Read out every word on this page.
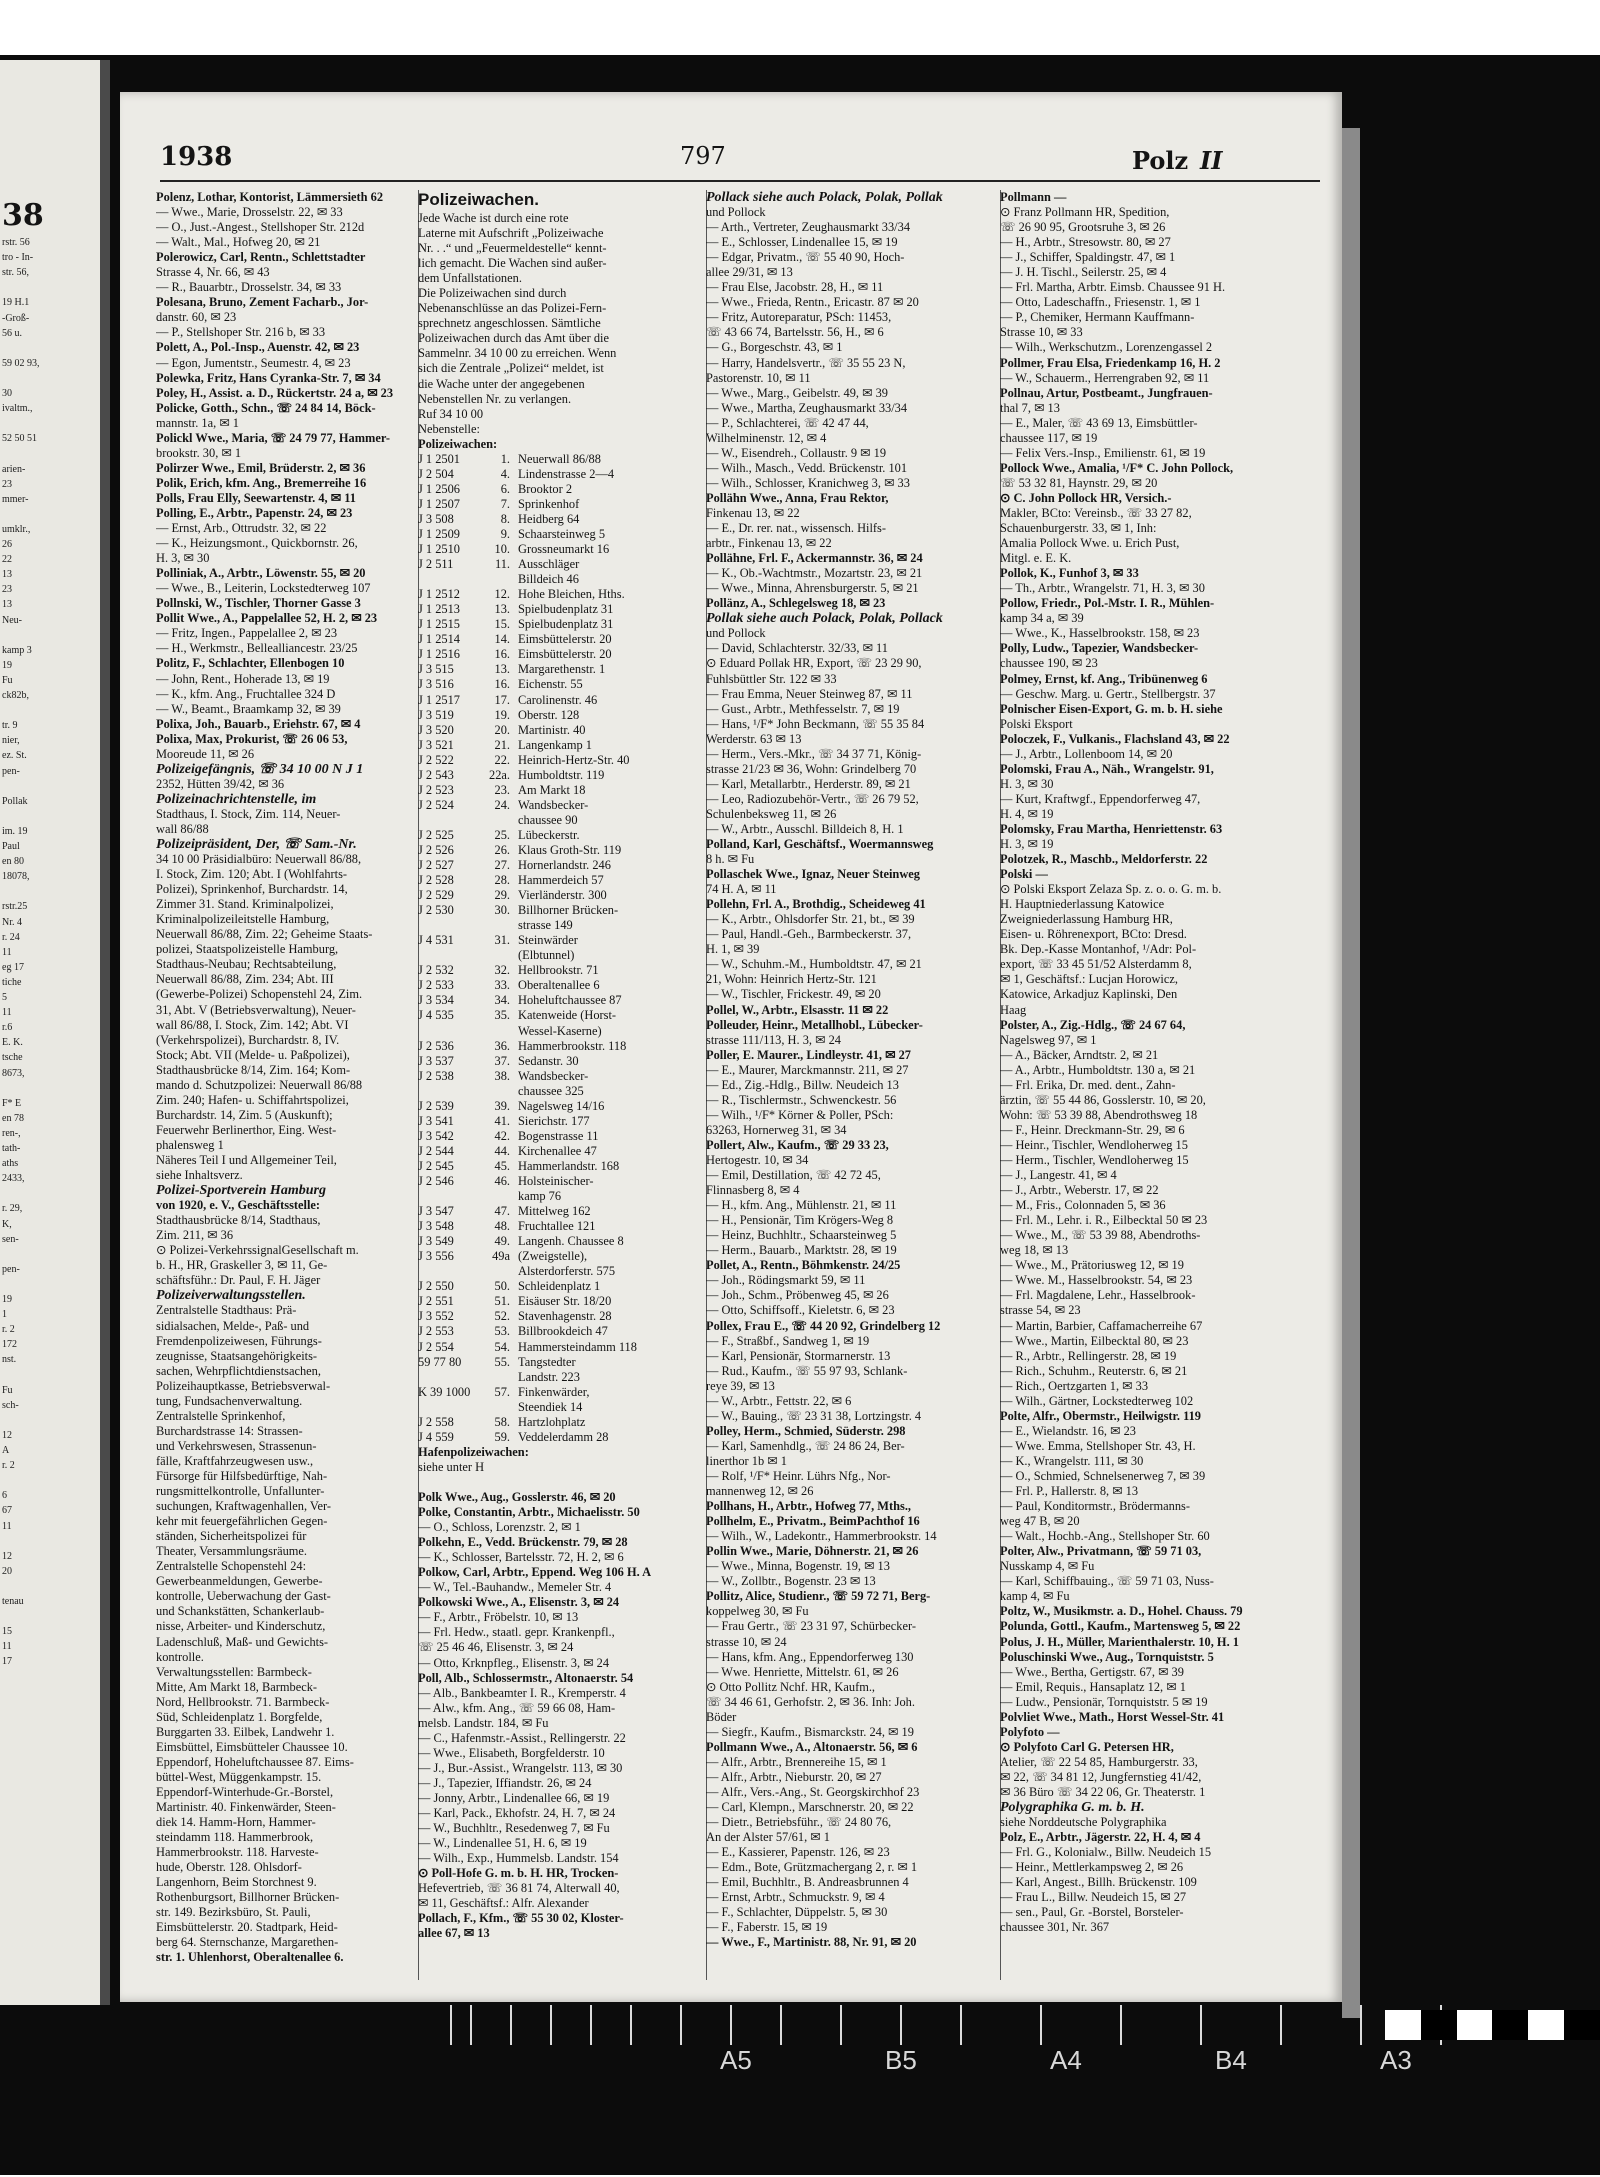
38
rstr. 56
tro - In-
str. 56,
19 H.1
-Groß-
56 u.
59 02 93,
30
ivaltm.,
52 50 51
arien-
23
mmer-
umklr.,
26
22
13
23
13
Neu-
kamp 3
19
Fu
ck82b,
tr. 9
nier,
ez. St.
pen-
Pollak
im. 19
Paul
en 80
18078,
rstr.25
Nr. 4
r. 24
11
eg 17
tiche
5
11
r.6
E. K.
tsche
8673,
F* E
en 78
ren-,
tath-
aths
2433,
r. 29,
K,
sen-
pen-
19
1
r. 2
172
nst.
Fu
sch-
12
A
r. 2
6
67
11
12
20
tenau
15
11
17
1938	797	Polz II
Polenz, Lothar, Kontorist, Lämmersieth 62
— Wwe., Marie, Drosselstr. 22, ✉ 33
— O., Just.-Angest., Stellshoper Str. 212d
— Walt., Mal., Hofweg 20, ✉ 21
Polerowicz, Carl, Rentn., Schlettstadter
Strasse 4, Nr. 66, ✉ 43
— R., Bauarbtr., Drosselstr. 34, ✉ 33
Polesana, Bruno, Zement Facharb., Jor-
danstr. 60, ✉ 23
— P., Stellshoper Str. 216 b, ✉ 33
Polett, A., Pol.-Insp., Auenstr. 42, ✉ 23
— Egon, Jumentstr., Seumestr. 4, ✉ 23
Polewka, Fritz, Hans Cyranka-Str. 7, ✉ 34
Poley, H., Assist. a. D., Rückertstr. 24 a, ✉ 23
Policke, Gotth., Schn., ☏ 24 84 14, Böck-
mannstr. 1a, ✉ 1
Polickl Wwe., Maria, ☏ 24 79 77, Hammer-
brookstr. 30, ✉ 1
Polirzer Wwe., Emil, Brüderstr. 2, ✉ 36
Polik, Erich, kfm. Ang., Bremerreihe 16
Polls, Frau Elly, Seewartenstr. 4, ✉ 11
Polling, E., Arbtr., Papenstr. 24, ✉ 23
— Ernst, Arb., Ottrudstr. 32, ✉ 22
— K., Heizungsmont., Quickbornstr. 26,
H. 3, ✉ 30
Polliniak, A., Arbtr., Löwenstr. 55, ✉ 20
— Wwe., B., Leiterin, Lockstedterweg 107
Pollnski, W., Tischler, Thorner Gasse 3
Pollit Wwe., A., Pappelallee 52, H. 2, ✉ 23
— Fritz, Ingen., Pappelallee 2, ✉ 23
— H., Werkmstr., Bellealliancestr. 23/25
Politz, F., Schlachter, Ellenbogen 10
— John, Rent., Hoherade 13, ✉ 19
— K., kfm. Ang., Fruchtallee 324 D
— W., Beamt., Braamkamp 32, ✉ 39
Polixa, Joh., Bauarb., Eriehstr. 67, ✉ 4
Polixa, Max, Prokurist, ☏ 26 06 53,
Mooreude 11, ✉ 26
Polizeigefängnis, ☏ 34 10 00 N J 1
2352, Hütten 39/42, ✉ 36
Polizeinachrichtenstelle, im
Stadthaus, I. Stock, Zim. 114, Neuer-
wall 86/88
Polizeipräsident, Der, ☏ Sam.-Nr.
34 10 00 Präsidialbüro: Neuerwall 86/88,
I. Stock, Zim. 120; Abt. I (Wohlfahrts-
Polizei), Sprinkenhof, Burchardstr. 14,
Zimmer 31. Stand. Kriminalpolizei,
Kriminalpolizeileitstelle Hamburg,
Neuerwall 86/88, Zim. 22; Geheime Staats-
polizei, Staatspolizeistelle Hamburg,
Stadthaus-Neubau; Rechtsabteilung,
Neuerwall 86/88, Zim. 234; Abt. III
(Gewerbe-Polizei) Schopenstehl 24, Zim.
31, Abt. V (Betriebsverwaltung), Neuer-
wall 86/88, I. Stock, Zim. 142; Abt. VI
(Verkehrspolizei), Burchardstr. 8, IV.
Stock; Abt. VII (Melde- u. Paßpolizei),
Stadthausbrücke 8/14, Zim. 164; Kom-
mando d. Schutzpolizei: Neuerwall 86/88
Zim. 240; Hafen- u. Schiffahrtspolizei,
Burchardstr. 14, Zim. 5 (Auskunft);
Feuerwehr Berlinerthor, Eing. West-
phalensweg 1
Näheres Teil I und Allgemeiner Teil,
siehe Inhaltsverz.
Polizei-Sportverein Hamburg
von 1920, e. V., Geschäftsstelle:
Stadthausbrücke 8/14, Stadthaus,
Zim. 211, ✉ 36
⊙ Polizei-VerkehrssignalGesellschaft m.
b. H., HR, Graskeller 3, ✉ 11, Ge-
schäftsführ.: Dr. Paul, F. H. Jäger
Polizeiverwaltungsstellen.
Zentralstelle Stadthaus: Prä-
sidialsachen, Melde-, Paß- und
Fremdenpolizeiwesen, Führungs-
zeugnisse, Staatsangehörigkeits-
sachen, Wehrpflichtdienstsachen,
Polizeihauptkasse, Betriebsverwal-
tung, Fundsachenverwaltung.
Zentralstelle Sprinkenhof,
Burchardstrasse 14: Strassen-
und Verkehrswesen, Strassenun-
fälle, Kraftfahrzeugwesen usw.,
Fürsorge für Hilfsbedürftige, Nah-
rungsmittelkontrolle, Unfallunter-
suchungen, Kraftwagenhallen, Ver-
kehr mit feuergefährlichen Gegen-
ständen, Sicherheitspolizei für
Theater, Versammlungsräume.
Zentralstelle Schopenstehl 24:
Gewerbeanmeldungen, Gewerbe-
kontrolle, Ueberwachung der Gast-
und Schankstätten, Schankerlaub-
nisse, Arbeiter- und Kinderschutz,
Ladenschluß, Maß- und Gewichts-
kontrolle.
Verwaltungsstellen: Barmbeck-
Mitte, Am Markt 18, Barmbeck-
Nord, Hellbrookstr. 71. Barmbeck-
Süd, Schleidenplatz 1. Borgfelde,
Burggarten 33. Eilbek, Landwehr 1.
Eimsbüttel, Eimsbütteler Chaussee 10.
Eppendorf, Hoheluftchaussee 87. Eims-
büttel-West, Müggenkampstr. 15.
Eppendorf-Winterhude-Gr.-Borstel,
Martinistr. 40. Finkenwärder, Steen-
diek 14. Hamm-Horn, Hammer-
steindamm 118. Hammerbrook,
Hammerbrookstr. 118. Harveste-
hude, Oberstr. 128. Ohlsdorf-
Langenhorn, Beim Storchnest 9.
Rothenburgsort, Billhorner Brücken-
str. 149. Bezirksbüro, St. Pauli,
Eimsbüttelerstr. 20. Stadtpark, Heid-
berg 64. Sternschanze, Margarethen-
str. 1. Uhlenhorst, Oberaltenallee 6.
Polizeiwachen.
Jede Wache ist durch eine rote
Laterne mit Aufschrift „Polizeiwache
Nr. . .“ und „Feuermeldestelle“ kennt-
lich gemacht. Die Wachen sind außer-
dem Unfallstationen.
Die Polizeiwachen sind durch
Nebenanschlüsse an das Polizei-Fern-
sprechnetz angeschlossen. Sämtliche
Polizeiwachen durch das Amt über die
Sammelnr. 34 10 00 zu erreichen. Wenn
sich die Zentrale „Polizei“ meldet, ist
die Wache unter der angegebenen
Nebenstellen Nr. zu verlangen.
Ruf 34 10 00
Nebenstelle:
Polizeiwachen:
J 1 2501	1. Neuerwall 86/88
J 2 504	4. Lindenstrasse 2—4
J 1 2506	6. Brooktor 2
J 1 2507	7. Sprinkenhof
J 3 508	8. Heidberg 64
J 1 2509	9. Schaarsteinweg 5
J 1 2510	10. Grossneumarkt 16
J 2 511	11. Ausschläger
Billdeich 46
J 1 2512	12. Hohe Bleichen, Hths.
J 1 2513	13. Spielbudenplatz 31
J 1 2515	15. Spielbudenplatz 31
J 1 2514	14. Eimsbüttelerstr. 20
J 1 2516	16. Eimsbüttelerstr. 20
J 3 515	13. Margarethenstr. 1
J 3 516	16. Eichenstr. 55
J 1 2517	17. Carolinenstr. 46
J 3 519	19. Oberstr. 128
J 3 520	20. Martinistr. 40
J 3 521	21. Langenkamp 1
J 2 522	22. Heinrich-Hertz-Str. 40
J 2 543	22a. Humboldtstr. 119
J 2 523	23. Am Markt 18
J 2 524	24. Wandsbecker-
chaussee 90
J 2 525	25. Lübeckerstr.
J 2 526	26. Klaus Groth-Str. 119
J 2 527	27. Hornerlandstr. 246
J 2 528	28. Hammerdeich 57
J 2 529	29. Vierländerstr. 300
J 2 530	30. Billhorner Brücken-
strasse 149
J 4 531	31. Steinwärder
(Elbtunnel)
J 2 532	32. Hellbrookstr. 71
J 2 533	33. Oberaltenallee 6
J 3 534	34. Hoheluftchaussee 87
J 4 535	35. Katenweide (Horst-
Wessel-Kaserne)
J 2 536	36. Hammerbrookstr. 118
J 3 537	37. Sedanstr. 30
J 2 538	38. Wandsbecker-
chaussee 325
J 2 539	39. Nagelsweg 14/16
J 3 541	41. Sierichstr. 177
J 3 542	42. Bogenstrasse 11
J 2 544	44. Kirchenallee 47
J 2 545	45. Hammerlandstr. 168
J 2 546	46. Holsteinischer-
kamp 76
J 3 547	47. Mittelweg 162
J 3 548	48. Fruchtallee 121
J 3 549	49. Langenh. Chaussee 8
J 3 556	49a (Zweigstelle),
Alsterdorferstr. 575
J 2 550	50. Schleidenplatz 1
J 2 551	51. Eisäuser Str. 18/20
J 3 552	52. Stavenhagenstr. 28
J 2 553	53. Billbrookdeich 47
J 2 554	54. Hammersteindamm 118
59 77 80	55. Tangstedter
Landstr. 223
K 39 1000	57. Finkenwärder,
Steendiek 14
J 2 558	58. Hartzlohplatz
J 4 559	59. Veddelerdamm 28
Hafenpolizeiwachen:
siehe unter H

Polk Wwe., Aug., Gosslerstr. 46, ✉ 20
Polke, Constantin, Arbtr., Michaelisstr. 50
— O., Schloss, Lorenzstr. 2, ✉ 1
Polkehn, E., Vedd. Brückenstr. 79, ✉ 28
— K., Schlosser, Bartelsstr. 72, H. 2, ✉ 6
Polkow, Carl, Arbtr., Eppend. Weg 106 H. A
— W., Tel.-Bauhandw., Memeler Str. 4
Polkowski Wwe., A., Elisenstr. 3, ✉ 24
— F., Arbtr., Fröbelstr. 10, ✉ 13
— Frl. Hedw., staatl. gepr. Krankenpfl.,
☏ 25 46 46, Elisenstr. 3, ✉ 24
— Otto, Krknpfleg., Elisenstr. 3, ✉ 24
Poll, Alb., Schlossermstr., Altonaerstr. 54
— Alb., Bankbeamter I. R., Kremperstr. 4
— Alw., kfm. Ang., ☏ 59 66 08, Ham-
melsb. Landstr. 184, ✉ Fu
— C., Hafenmstr.-Assist., Rellingerstr. 22
— Wwe., Elisabeth, Borgfelderstr. 10
— J., Bur.-Assist., Wrangelstr. 113, ✉ 30
— J., Tapezier, Iffiandstr. 26, ✉ 24
— Jonny, Arbtr., Lindenallee 66, ✉ 19
— Karl, Pack., Ekhofstr. 24, H. 7, ✉ 24
— W., Buchhltr., Resedenweg 7, ✉ Fu
— W., Lindenallee 51, H. 6, ✉ 19
— Wilh., Exp., Hummelsb. Landstr. 154
⊙ Poll-Hofe G. m. b. H. HR, Trocken-
Hefevertrieb, ☏ 36 81 74, Alterwall 40,
✉ 11, Geschäftsf.: Alfr. Alexander
Pollach, F., Kfm., ☏ 55 30 02, Kloster-
allee 67, ✉ 13
Pollack siehe auch Polack, Polak, Pollak
und Pollock
— Arth., Vertreter, Zeughausmarkt 33/34
— E., Schlosser, Lindenallee 15, ✉ 19
— Edgar, Privatm., ☏ 55 40 90, Hoch-
allee 29/31, ✉ 13
— Frau Else, Jacobstr. 28, H., ✉ 11
— Wwe., Frieda, Rentn., Ericastr. 87 ✉ 20
— Fritz, Autoreparatur, PSch: 11453,
☏ 43 66 74, Bartelsstr. 56, H., ✉ 6
— G., Borgeschstr. 43, ✉ 1
— Harry, Handelsvertr., ☏ 35 55 23 N,
Pastorenstr. 10, ✉ 11
— Wwe., Marg., Geibelstr. 49, ✉ 39
— Wwe., Martha, Zeughausmarkt 33/34
— P., Schlachterei, ☏ 42 47 44,
Wilhelminenstr. 12, ✉ 4
— W., Eisendreh., Collaustr. 9 ✉ 19
— Wilh., Masch., Vedd. Brückenstr. 101
— Wilh., Schlosser, Kranichweg 3, ✉ 33
Pollähn Wwe., Anna, Frau Rektor,
Finkenau 13, ✉ 22
— E., Dr. rer. nat., wissensch. Hilfs-
arbtr., Finkenau 13, ✉ 22
Pollähne, Frl. F., Ackermannstr. 36, ✉ 24
— K., Ob.-Wachtmstr., Mozartstr. 23, ✉ 21
— Wwe., Minna, Ahrensburgerstr. 5, ✉ 21
Pollänz, A., Schlegelsweg 18, ✉ 23
Pollak siehe auch Polack, Polak, Pollack
und Pollock
— David, Schlachterstr. 32/33, ✉ 11
⊙ Eduard Pollak HR, Export, ☏ 23 29 90,
Fuhlsbüttler Str. 122 ✉ 33
— Frau Emma, Neuer Steinweg 87, ✉ 11
— Gust., Arbtr., Methfesselstr. 7, ✉ 19
— Hans, ¹/F* John Beckmann, ☏ 55 35 84
Werderstr. 63 ✉ 13
— Herm., Vers.-Mkr., ☏ 34 37 71, König-
strasse 21/23 ✉ 36, Wohn: Grindelberg 70
— Karl, Metallarbtr., Herderstr. 89, ✉ 21
— Leo, Radiozubehör-Vertr., ☏ 26 79 52,
Schulenbeksweg 11, ✉ 26
— W., Arbtr., Ausschl. Billdeich 8, H. 1
Polland, Karl, Geschäftsf., Woermannsweg
8 h. ✉ Fu
Pollaschek Wwe., Ignaz, Neuer Steinweg
74 H. A, ✉ 11
Pollehn, Frl. A., Brothdig., Scheideweg 41
— K., Arbtr., Ohlsdorfer Str. 21, bt., ✉ 39
— Paul, Handl.-Geh., Barmbeckerstr. 37,
H. 1, ✉ 39
— W., Schuhm.-M., Humboldtstr. 47, ✉ 21
21, Wohn: Heinrich Hertz-Str. 121
— W., Tischler, Frickestr. 49, ✉ 20
Pollel, W., Arbtr., Elsasstr. 11 ✉ 22
Polleuder, Heinr., Metallhobl., Lübecker-
strasse 111/113, H. 3, ✉ 24
Poller, E. Maurer., Lindleystr. 41, ✉ 27
— E., Maurer, Marckmannstr. 211, ✉ 27
— Ed., Zig.-Hdlg., Billw. Neudeich 13
— R., Tischlermstr., Schwenckestr. 56
— Wilh., ¹/F* Körner & Poller, PSch:
63263, Hornerweg 31, ✉ 34
Pollert, Alw., Kaufm., ☏ 29 33 23,
Hertogestr. 10, ✉ 34
— Emil, Destillation, ☏ 42 72 45,
Flinnasberg 8, ✉ 4
— H., kfm. Ang., Mühlenstr. 21, ✉ 11
— H., Pensionär, Tim Krögers-Weg 8
— Heinz, Buchhltr., Schaarsteinweg 5
— Herm., Bauarb., Marktstr. 28, ✉ 19
Pollet, A., Rentn., Böhmkenstr. 24/25
— Joh., Rödingsmarkt 59, ✉ 11
— Joh., Schm., Pröbenweg 45, ✉ 26
— Otto, Schiffsoff., Kieletstr. 6, ✉ 23
Pollex, Frau E., ☏ 44 20 92, Grindelberg 12
— F., Straßbf., Sandweg 1, ✉ 19
— Karl, Pensionär, Stormarnerstr. 13
— Rud., Kaufm., ☏ 55 97 93, Schlank-
reye 39, ✉ 13
— W., Arbtr., Fettstr. 22, ✉ 6
— W., Bauing., ☏ 23 31 38, Lortzingstr. 4
Polley, Herm., Schmied, Süderstr. 298
— Karl, Samenhdlg., ☏ 24 86 24, Ber-
linerthor 1b ✉ 1
— Rolf, ¹/F* Heinr. Lührs Nfg., Nor-
mannenweg 12, ✉ 26
Pollhans, H., Arbtr., Hofweg 77, Mths.,
Pollhelm, E., Privatm., BeimPachthof 16
— Wilh., W., Ladekontr., Hammerbrookstr. 14
Pollin Wwe., Marie, Döhnerstr. 21, ✉ 26
— Wwe., Minna, Bogenstr. 19, ✉ 13
— W., Zollbtr., Bogenstr. 23 ✉ 13
Pollitz, Alice, Studienr., ☏ 59 72 71, Berg-
koppelweg 30, ✉ Fu
— Frau Gertr., ☏ 23 31 97, Schürbecker-
strasse 10, ✉ 24
— Hans, kfm. Ang., Eppendorferweg 130
— Wwe. Henriette, Mittelstr. 61, ✉ 26
⊙ Otto Pollitz Nchf. HR, Kaufm.,
☏ 34 46 61, Gerhofstr. 2, ✉ 36. Inh: Joh.
Böder
— Siegfr., Kaufm., Bismarckstr. 24, ✉ 19
Pollmann Wwe., A., Altonaerstr. 56, ✉ 6
— Alfr., Arbtr., Brennereihe 15, ✉ 1
— Alfr., Arbtr., Nieburstr. 20, ✉ 27
— Alfr., Vers.-Ang., St. Georgskirchhof 23
— Carl, Klempn., Marschnerstr. 20, ✉ 22
— Dietr., Betriebsführ., ☏ 24 80 76,
An der Alster 57/61, ✉ 1
— E., Kassierer, Papenstr. 126, ✉ 23
— Edm., Bote, Grützmachergang 2, r. ✉ 1
— Emil, Buchhltr., B. Andreasbrunnen 4
— Ernst, Arbtr., Schmuckstr. 9, ✉ 4
— F., Schlachter, Düppelstr. 5, ✉ 30
— F., Faberstr. 15, ✉ 19
— Wwe., F., Martinistr. 88, Nr. 91, ✉ 20
Pollmann —
⊙ Franz Pollmann HR, Spedition,
☏ 26 90 95, Grootsruhe 3, ✉ 26
— H., Arbtr., Stresowstr. 80, ✉ 27
— J., Schiffer, Spaldingstr. 47, ✉ 1
— J. H. Tischl., Seilerstr. 25, ✉ 4
— Frl. Martha, Arbtr. Eimsb. Chaussee 91 H.
— Otto, Ladeschaffn., Friesenstr. 1, ✉ 1
— P., Chemiker, Hermann Kauffmann-
Strasse 10, ✉ 33
— Wilh., Werkschutzm., Lorenzengassel 2
Pollmer, Frau Elsa, Friedenkamp 16, H. 2
— W., Schauerm., Herrengraben 92, ✉ 11
Pollnau, Artur, Postbeamt., Jungfrauen-
thal 7, ✉ 13
— E., Maler, ☏ 43 69 13, Eimsbüttler-
chaussee 117, ✉ 19
— Felix Vers.-Insp., Emilienstr. 61, ✉ 19
Pollock Wwe., Amalia, ¹/F* C. John Pollock,
☏ 53 32 81, Haynstr. 29, ✉ 20
⊙ C. John Pollock HR, Versich.-
Makler, BCto: Vereinsb., ☏ 33 27 82,
Schauenburgerstr. 33, ✉ 1, Inh:
Amalia Pollock Wwe. u. Erich Pust,
Mitgl. e. E. K.
Pollok, K., Funhof 3, ✉ 33
— Th., Arbtr., Wrangelstr. 71, H. 3, ✉ 30
Pollow, Friedr., Pol.-Mstr. I. R., Mühlen-
kamp 34 a, ✉ 39
— Wwe., K., Hasselbrookstr. 158, ✉ 23
Polly, Ludw., Tapezier, Wandsbecker-
chaussee 190, ✉ 23
Polmey, Ernst, kf. Ang., Tribünenweg 6
— Geschw. Marg. u. Gertr., Stellbergstr. 37
Polnischer Eisen-Export, G. m. b. H. siehe
Polski Eksport
Poloczek, F., Vulkanis., Flachsland 43, ✉ 22
— J., Arbtr., Lollenboom 14, ✉ 20
Polomski, Frau A., Näh., Wrangelstr. 91,
H. 3, ✉ 30
— Kurt, Kraftwgf., Eppendorferweg 47,
H. 4, ✉ 19
Polomsky, Frau Martha, Henriettenstr. 63
H. 3, ✉ 19
Polotzek, R., Maschb., Meldorferstr. 22
Polski —
⊙ Polski Eksport Zelaza Sp. z. o. o. G. m. b.
H. Hauptniederlassung Katowice
Zweigniederlassung Hamburg HR,
Eisen- u. Röhrenexport, BCto: Dresd.
Bk. Dep.-Kasse Montanhof, ¹/Adr: Pol-
export, ☏ 33 45 51/52 Alsterdamm 8,
✉ 1, Geschäftsf.: Lucjan Horowicz,
Katowice, Arkadjuz Kaplinski, Den
Haag
Polster, A., Zig.-Hdlg., ☏ 24 67 64,
Nagelsweg 97, ✉ 1
— A., Bäcker, Arndtstr. 2, ✉ 21
— A., Arbtr., Humboldtstr. 130 a, ✉ 21
— Frl. Erika, Dr. med. dent., Zahn-
ärztin, ☏ 55 44 86, Gosslerstr. 10, ✉ 20,
Wohn: ☏ 53 39 88, Abendrothsweg 18
— F., Heinr. Dreckmann-Str. 29, ✉ 6
— Heinr., Tischler, Wendloherweg 15
— Herm., Tischler, Wendloherweg 15
— J., Langestr. 41, ✉ 4
— J., Arbtr., Weberstr. 17, ✉ 22
— M., Fris., Colonnaden 5, ✉ 36
— Frl. M., Lehr. i. R., Eilbecktal 50 ✉ 23
— Wwe., M., ☏ 53 39 88, Abendroths-
weg 18, ✉ 13
— Wwe., M., Prätoriusweg 12, ✉ 19
— Wwe. M., Hasselbrookstr. 54, ✉ 23
— Frl. Magdalene, Lehr., Hasselbrook-
strasse 54, ✉ 23
— Martin, Barbier, Caffamacherreihe 67
— Wwe., Martin, Eilbecktal 80, ✉ 23
— R., Arbtr., Rellingerstr. 28, ✉ 19
— Rich., Schuhm., Reuterstr. 6, ✉ 21
— Rich., Oertzgarten 1, ✉ 33
— Wilh., Gärtner, Lockstedterweg 102
Polte, Alfr., Obermstr., Heilwigstr. 119
— E., Wielandstr. 16, ✉ 23
— Wwe. Emma, Stellshoper Str. 43, H.
— K., Wrangelstr. 111, ✉ 30
— O., Schmied, Schnelsenerweg 7, ✉ 39
— Frl. P., Hallerstr. 8, ✉ 13
— Paul, Konditormstr., Brödermanns-
weg 47 B, ✉ 20
— Walt., Hochb.-Ang., Stellshoper Str. 60
Polter, Alw., Privatmann, ☏ 59 71 03,
Nusskamp 4, ✉ Fu
— Karl, Schiffbauing., ☏ 59 71 03, Nuss-
kamp 4, ✉ Fu
Poltz, W., Musikmstr. a. D., Hohel. Chauss. 79
Polunda, Gottl., Kaufm., Martensweg 5, ✉ 22
Polus, J. H., Müller, Marienthalerstr. 10, H. 1
Poluschinski Wwe., Aug., Tornquiststr. 5
— Wwe., Bertha, Gertigstr. 67, ✉ 39
— Emil, Requis., Hansaplatz 12, ✉ 1
— Ludw., Pensionär, Tornquiststr. 5 ✉ 19
Polvliet Wwe., Math., Horst Wessel-Str. 41
Polyfoto —
⊙ Polyfoto Carl G. Petersen HR,
Atelier, ☏ 22 54 85, Hamburgerstr. 33,
✉ 22, ☏ 34 81 12, Jungfernstieg 41/42,
✉ 36 Büro ☏ 34 22 06, Gr. Theaterstr. 1
Polygraphika G. m. b. H.
siehe Norddeutsche Polygraphika
Polz, E., Arbtr., Jägerstr. 22, H. 4, ✉ 4
— Frl. G., Kolonialw., Billw. Neudeich 15
— Heinr., Mettlerkampsweg 2, ✉ 26
— Karl, Angest., Billh. Brückenstr. 109
— Frau L., Billw. Neudeich 15, ✉ 27
— sen., Paul, Gr. -Borstel, Borsteler-
chaussee 301, Nr. 367
A5	B5	A4	B4	A3
